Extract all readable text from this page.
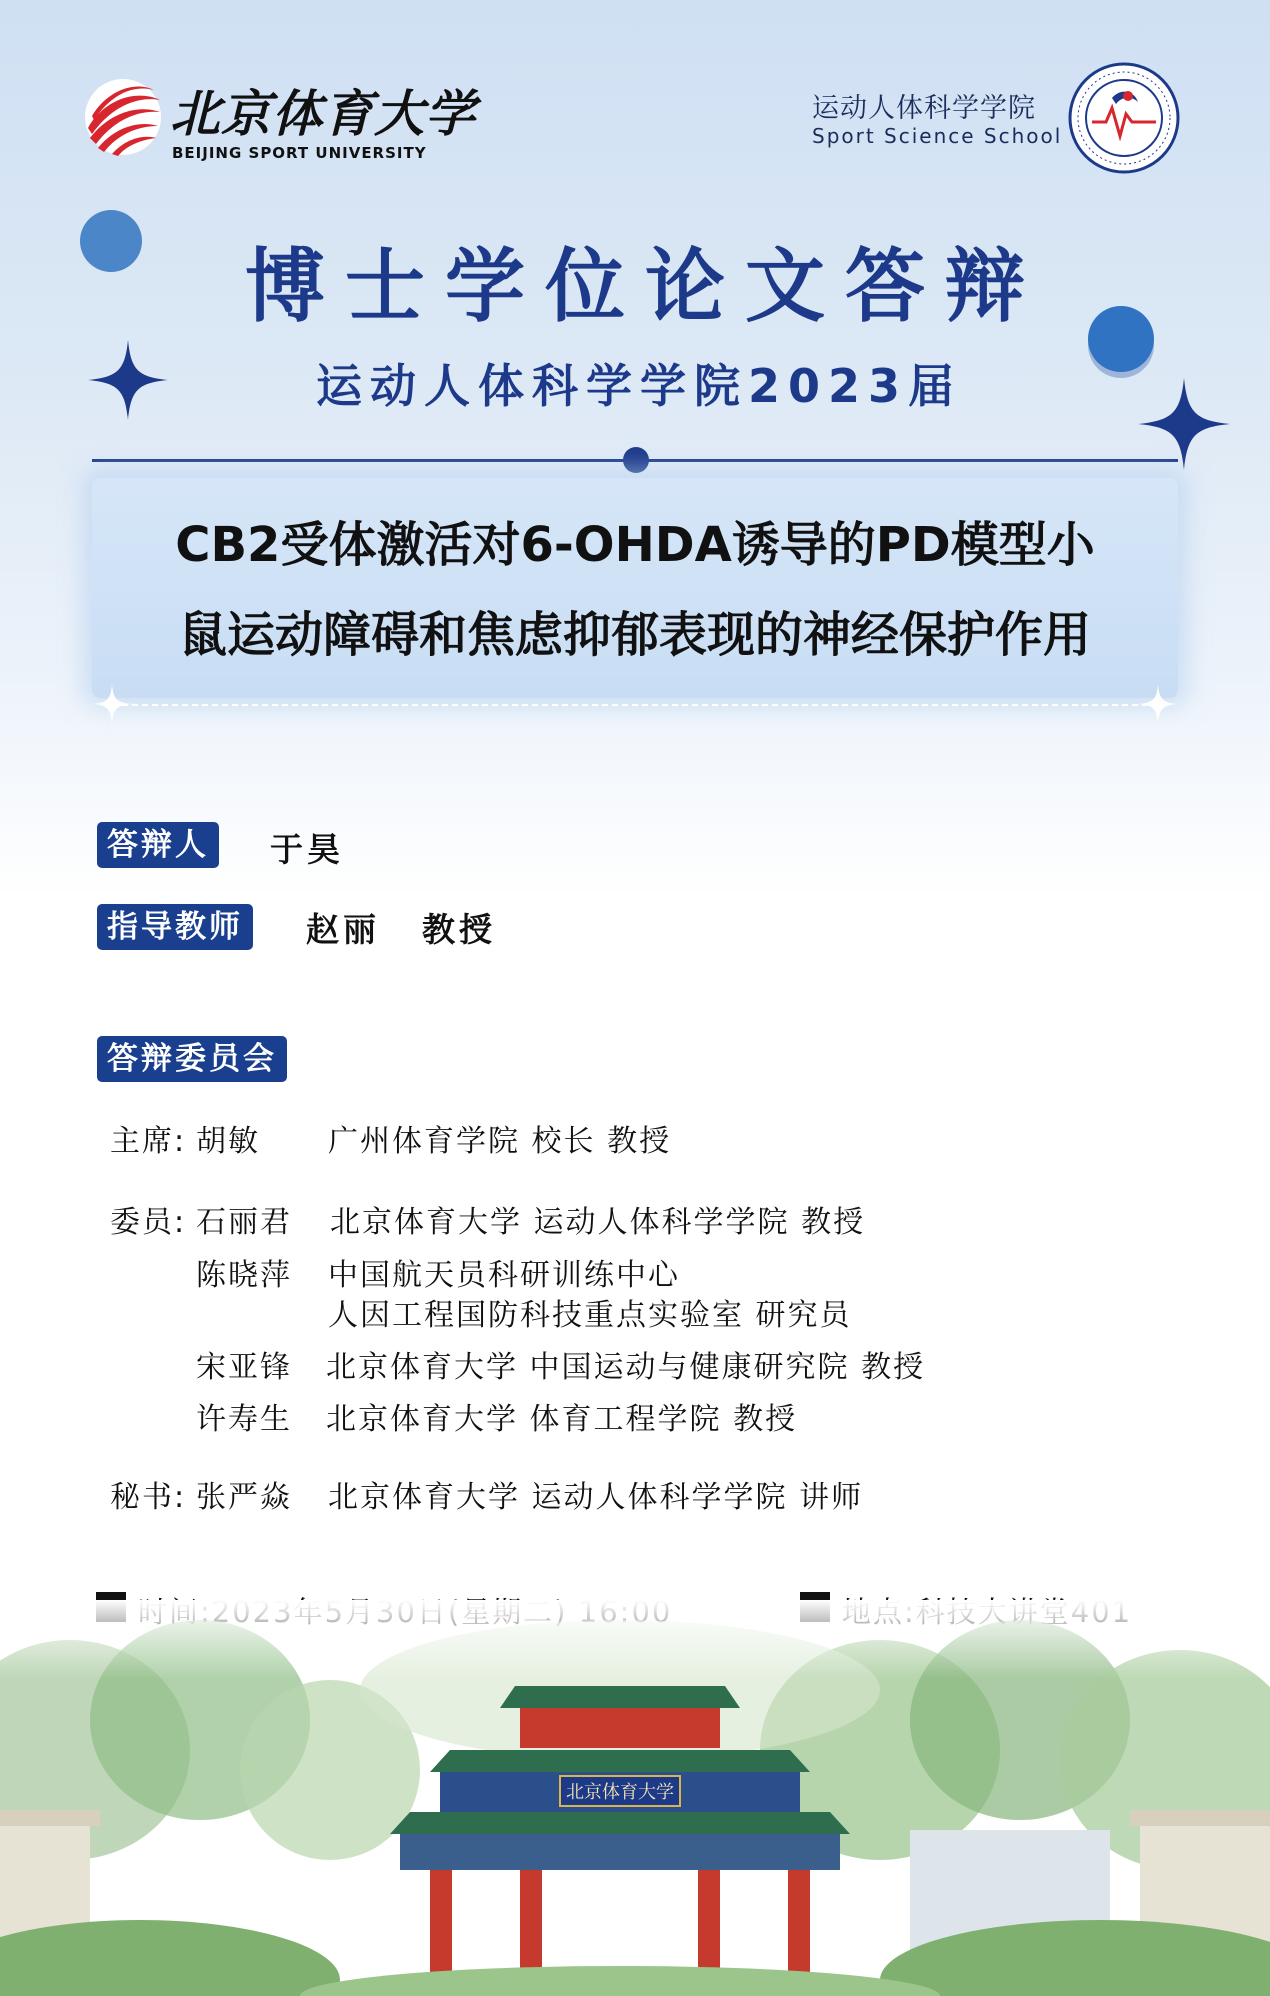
北京体育大学
BEIJING SPORT UNIVERSITY
运动人体科学学院
Sport Science School
博士学位论文答辩
运动人体科学学院2023届
CB2受体激活对6-OHDA诱导的PD模型小
鼠运动障碍和焦虑抑郁表现的神经保护作用
答辩人	于昊
指导教师	赵丽 教授
答辩委员会
主席: 胡敏 广州体育学院 校长 教授
委员: 石丽君 北京体育大学 运动人体科学学院 教授
陈晓萍 中国航天员科研训练中心
人因工程国防科技重点实验室 研究员
宋亚锋 北京体育大学 中国运动与健康研究院 教授
许寿生 北京体育大学 体育工程学院 教授
秘书: 张严焱 北京体育大学 运动人体科学学院 讲师
